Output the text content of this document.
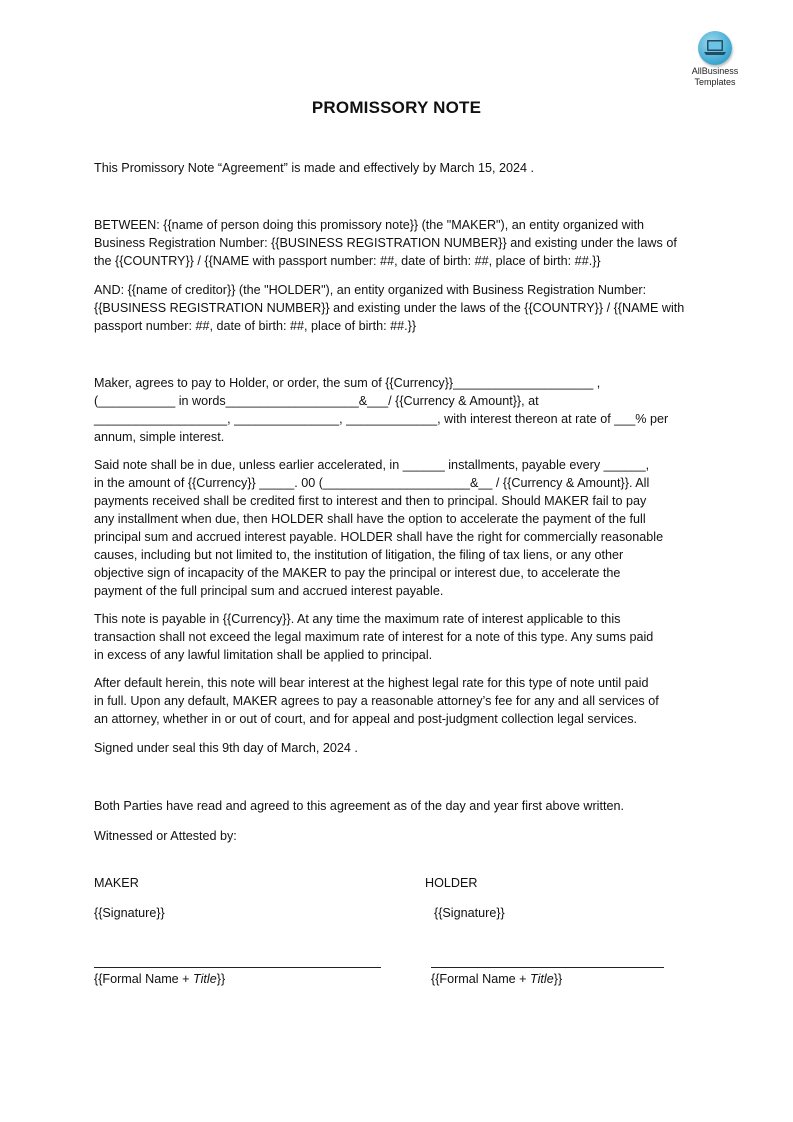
AllBusiness
Templates
PROMISSORY NOTE
This Promissory Note “Agreement” is made and effectively by March 15, 2024 .
BETWEEN: {{name of person doing this promissory note}} (the "MAKER"), an entity organized with
Business Registration Number: {{BUSINESS REGISTRATION NUMBER}} and existing under the laws of
the {{COUNTRY}} / {{NAME with passport number: ##, date of birth: ##, place of birth: ##.}}
AND: {{name of creditor}} (the "HOLDER"), an entity organized with Business Registration Number:
{{BUSINESS REGISTRATION NUMBER}} and existing under the laws of the {{COUNTRY}} / {{NAME with
passport number: ##, date of birth: ##, place of birth: ##.}}
Maker, agrees to pay to Holder, or order, the sum of {{Currency}}____________________ ,
(___________ in words___________________&___/ {{Currency & Amount}}, at
___________________, _______________, _____________, with interest thereon at rate of ___% per
annum, simple interest.
Said note shall be in due, unless earlier accelerated, in ______ installments, payable every ______,
in the amount of {{Currency}} _____. 00 (_____________________&__ / {{Currency & Amount}}. All
payments received shall be credited first to interest and then to principal. Should MAKER fail to pay
any installment when due, then HOLDER shall have the option to accelerate the payment of the full
principal sum and accrued interest payable. HOLDER shall have the right for commercially reasonable
causes, including but not limited to, the institution of litigation, the filing of tax liens, or any other
objective sign of incapacity of the MAKER to pay the principal or interest due, to accelerate the
payment of the full principal sum and accrued interest payable.
This note is payable in {{Currency}}. At any time the maximum rate of interest applicable to this
transaction shall not exceed the legal maximum rate of interest for a note of this type. Any sums paid
in excess of any lawful limitation shall be applied to principal.
After default herein, this note will bear interest at the highest legal rate for this type of note until paid
in full. Upon any default, MAKER agrees to pay a reasonable attorney’s fee for any and all services of
an attorney, whether in or out of court, and for appeal and post-judgment collection legal services.
Signed under seal this 9th day of March, 2024 .
Both Parties have read and agreed to this agreement as of the day and year first above written.
Witnessed or Attested by:
MAKER
{{Signature}}
{{Formal Name + Title}}
HOLDER
{{Signature}}
{{Formal Name + Title}}
